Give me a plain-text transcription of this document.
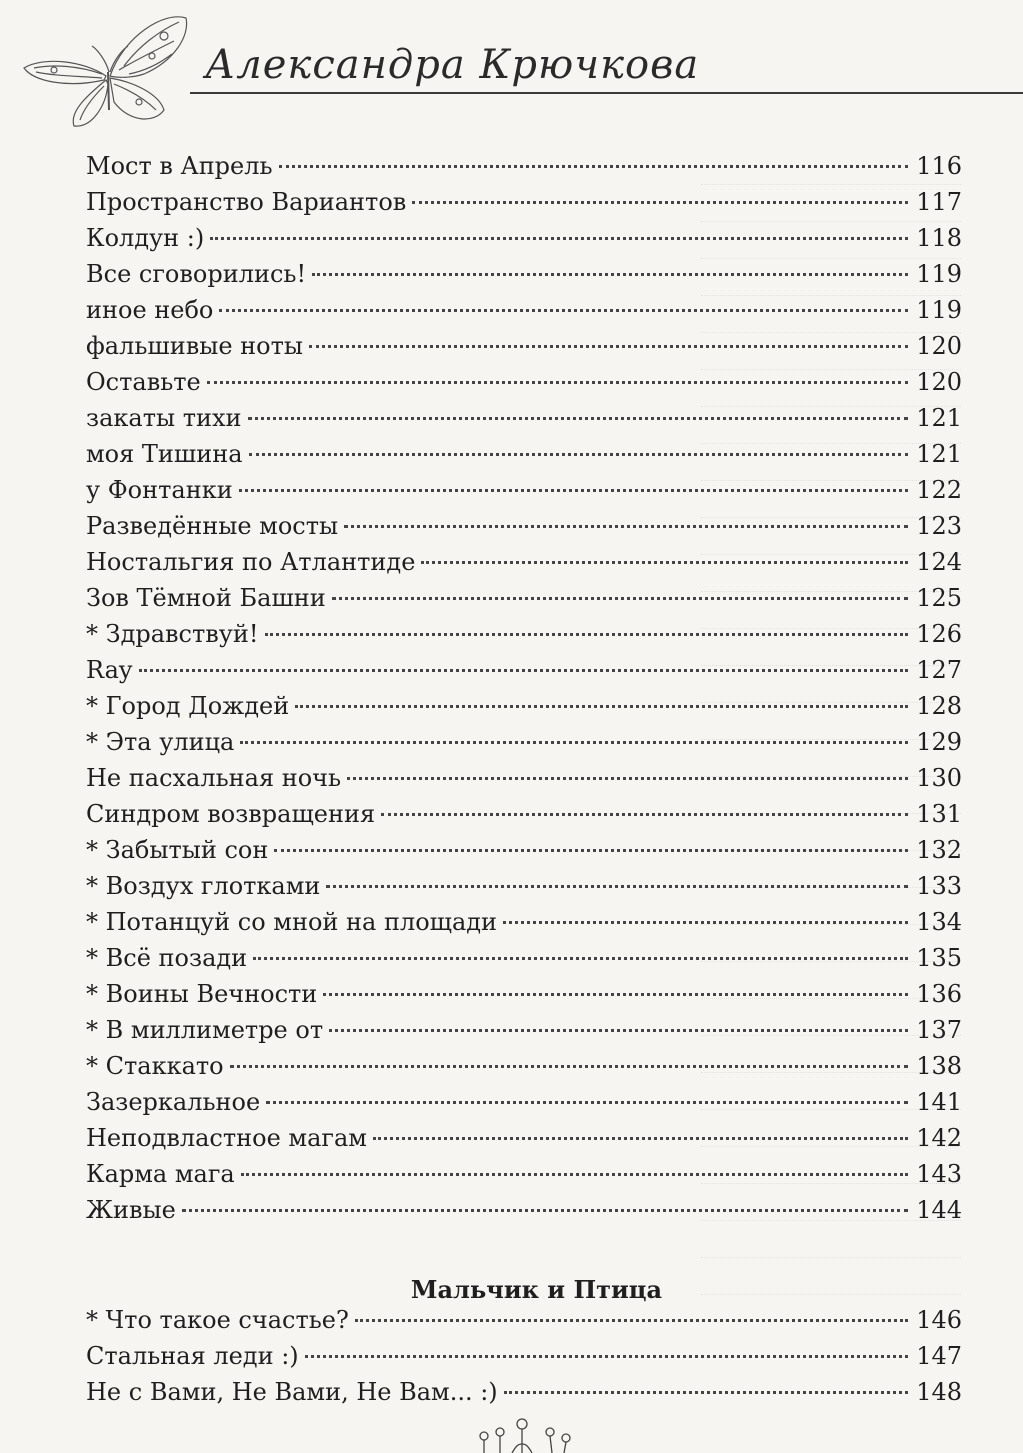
Александра Крючкова
Мост в Апрель	116
Пространство Вариантов	117
Колдун :)	118
Все сговорились!	119
иное небо	119
фальшивые ноты	120
Оставьте	120
закаты тихи	121
моя Тишина	121
у Фонтанки	122
Разведённые мосты	123
Ностальгия по Атлантиде	124
Зов Тёмной Башни	125
* Здравствуй!	126
Ray	127
* Город Дождей	128
* Эта улица	129
Не пасхальная ночь	130
Синдром возвращения	131
* Забытый сон	132
* Воздух глотками	133
* Потанцуй со мной на площади	134
* Всё позади	135
* Воины Вечности	136
* В миллиметре от	137
* Стаккато	138
Зазеркальное	141
Неподвластное магам	142
Карма мага	143
Живые	144
Мальчик и Птица
* Что такое счастье?	146
Стальная леди :)	147
Не с Вами, Не Вами, Не Вам... :)	148
